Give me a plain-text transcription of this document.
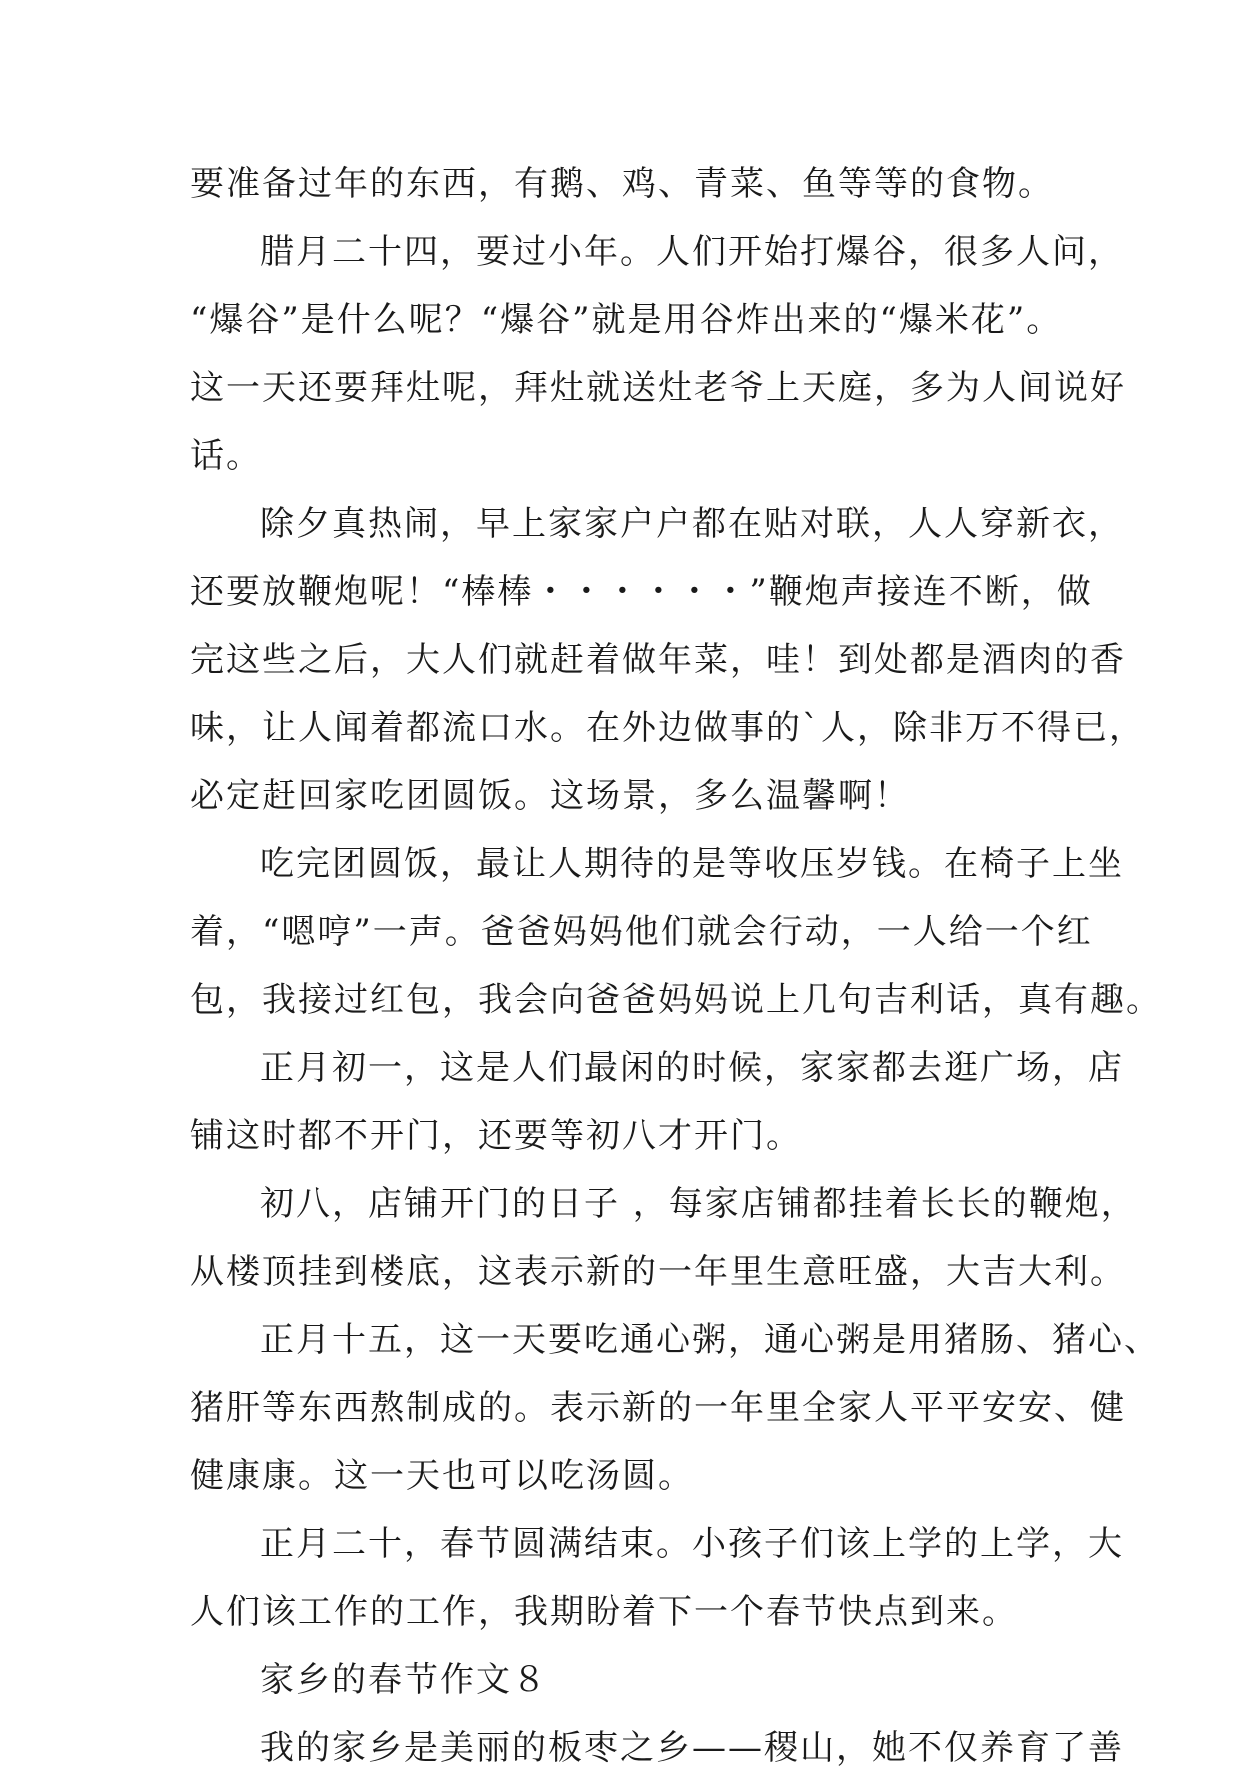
要准备过年的东西，有鹅、鸡、青菜、鱼等等的食物。
腊月二十四，要过小年。人们开始打爆谷，很多人问，
“爆谷”是什么呢？“爆谷”就是用谷炸出来的“爆米花”。
这一天还要拜灶呢，拜灶就送灶老爷上天庭，多为人间说好
话。
除夕真热闹，早上家家户户都在贴对联，人人穿新衣，
还要放鞭炮呢！“棒棒・・・・・・”鞭炮声接连不断，做
完这些之后，大人们就赶着做年菜，哇！到处都是酒肉的香
味，让人闻着都流口水。在外边做事的`人，除非万不得已，
必定赶回家吃团圆饭。这场景，多么温馨啊！
吃完团圆饭，最让人期待的是等收压岁钱。在椅子上坐
着，“嗯哼”一声。爸爸妈妈他们就会行动，一人给一个红
包，我接过红包，我会向爸爸妈妈说上几句吉利话，真有趣。
正月初一，这是人们最闲的时候，家家都去逛广场，店
铺这时都不开门，还要等初八才开门。
初八，店铺开门的日子 ，每家店铺都挂着长长的鞭炮，
从楼顶挂到楼底，这表示新的一年里生意旺盛，大吉大利。
正月十五，这一天要吃通心粥，通心粥是用猪肠、猪心、
猪肝等东西熬制成的。表示新的一年里全家人平平安安、健
健康康。这一天也可以吃汤圆。
正月二十，春节圆满结束。小孩子们该上学的上学，大
人们该工作的工作，我期盼着下一个春节快点到来。
家乡的春节作文８
我的家乡是美丽的板枣之乡——稷山，她不仅养育了善
